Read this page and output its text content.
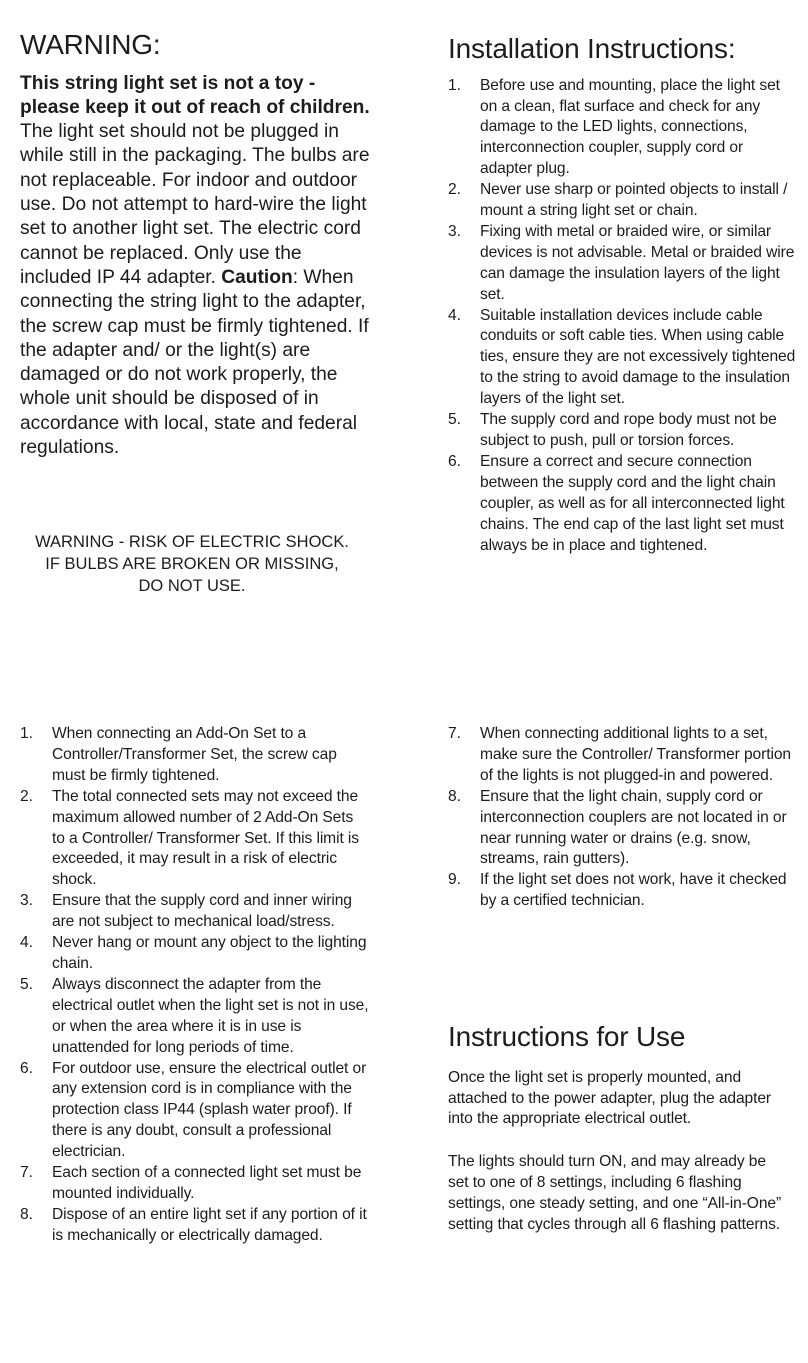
WARNING:

This string light set is not a toy - please keep it out of reach of children. The light set should not be plugged in while still in the packaging. The bulbs are not replaceable. For indoor and outdoor use. Do not attempt to hard-wire the light set to another light set. The electric cord cannot be replaced. Only use the included IP 44 adapter. Caution: When connecting the string light to the adapter, the screw cap must be firmly tightened. If the adapter and/ or the light(s) are damaged or do not work properly, the whole unit should be disposed of in accordance with local, state and federal regulations.

WARNING - RISK OF ELECTRIC SHOCK.

IF BULBS ARE BROKEN OR MISSING,

DO NOT USE.

Installation Instructions:
1.	Before use and mounting, place the light set on a clean, flat surface and check for any damage to the LED lights, connections, interconnection coupler, supply cord or adapter plug.
2.	Never use sharp or pointed objects to install / mount a string light set or chain.
3.	Fixing with metal or braided wire, or similar devices is not advisable. Metal or braided wire can damage the insulation layers of the light set.
4.	Suitable installation devices include cable conduits or soft cable ties. When using cable ties, ensure they are not excessively tightened to the string to avoid damage to the insulation layers of the light set.
5.	The supply cord and rope body must not be subject to push, pull or torsion forces.
6.	Ensure a correct and secure connection between the supply cord and the light chain coupler, as well as for all interconnected light chains. The end cap of the last light set must always be in place and tightened.
1.	When connecting an Add-On Set to a Controller/Transformer Set, the screw cap must be firmly tightened.
2.	The total connected sets may not exceed the maximum allowed number of 2 Add-On Sets to a Controller/ Transformer Set. If this limit is exceeded, it may result in a risk of electric shock.
3.	Ensure that the supply cord and inner wiring are not subject to mechanical load/stress.
4.	Never hang or mount any object to the lighting chain.
5.	Always disconnect the adapter from the electrical outlet when the light set is not in use, or when the area where it is in use is unattended for long periods of time.
6.	For outdoor use, ensure the electrical outlet or any extension cord is in compliance with the protection class IP44 (splash water proof). If there is any doubt, consult a professional electrician.
7.	Each section of a connected light set must be mounted individually.
8.	Dispose of an entire light set if any portion of it is mechanically or electrically damaged.
7.	When connecting additional lights to a set, make sure the Controller/ Transformer portion of the lights is not plugged-in and powered.
8.	Ensure that the light chain, supply cord or interconnection couplers are not located in or near running water or drains (e.g. snow, streams, rain gutters).
9.	If the light set does not work, have it checked by a certified technician.
Instructions for Use

Once the light set is properly mounted, and attached to the power adapter, plug the adapter into the appropriate electrical outlet.

The lights should turn ON, and may already be set to one of 8 settings, including 6 flashing settings, one steady setting, and one “All-in-One” setting that cycles through all 6 flashing patterns.
